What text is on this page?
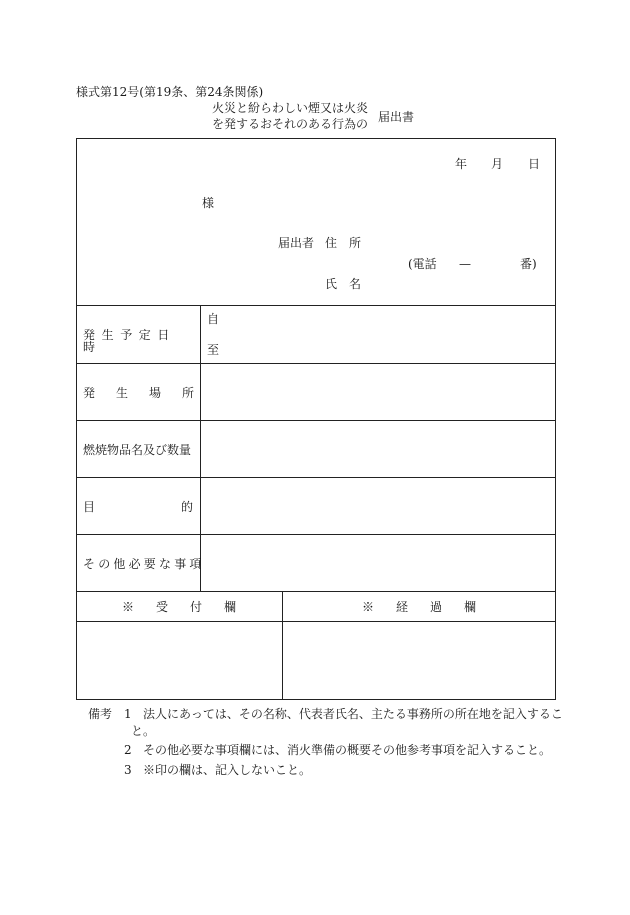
様式第12号(第19条、第24条関係)
火災と紛らわしい煙又は火炎
を発するおそれのある行為の 届出書
年 月 日
様
届出者 住　所
(電話 —	番)
氏　名
発生予定日時
自
至
発生場所
燃焼物品名及び数量
目的
その他必要な事項
※　受　付　欄	※　経　過　欄
備考 1 法人にあっては、その名称、代表者氏名、主たる事務所の所在地を記入するこ
と。
2 その他必要な事項欄には、消火準備の概要その他参考事項を記入すること。
3 ※印の欄は、記入しないこと。
